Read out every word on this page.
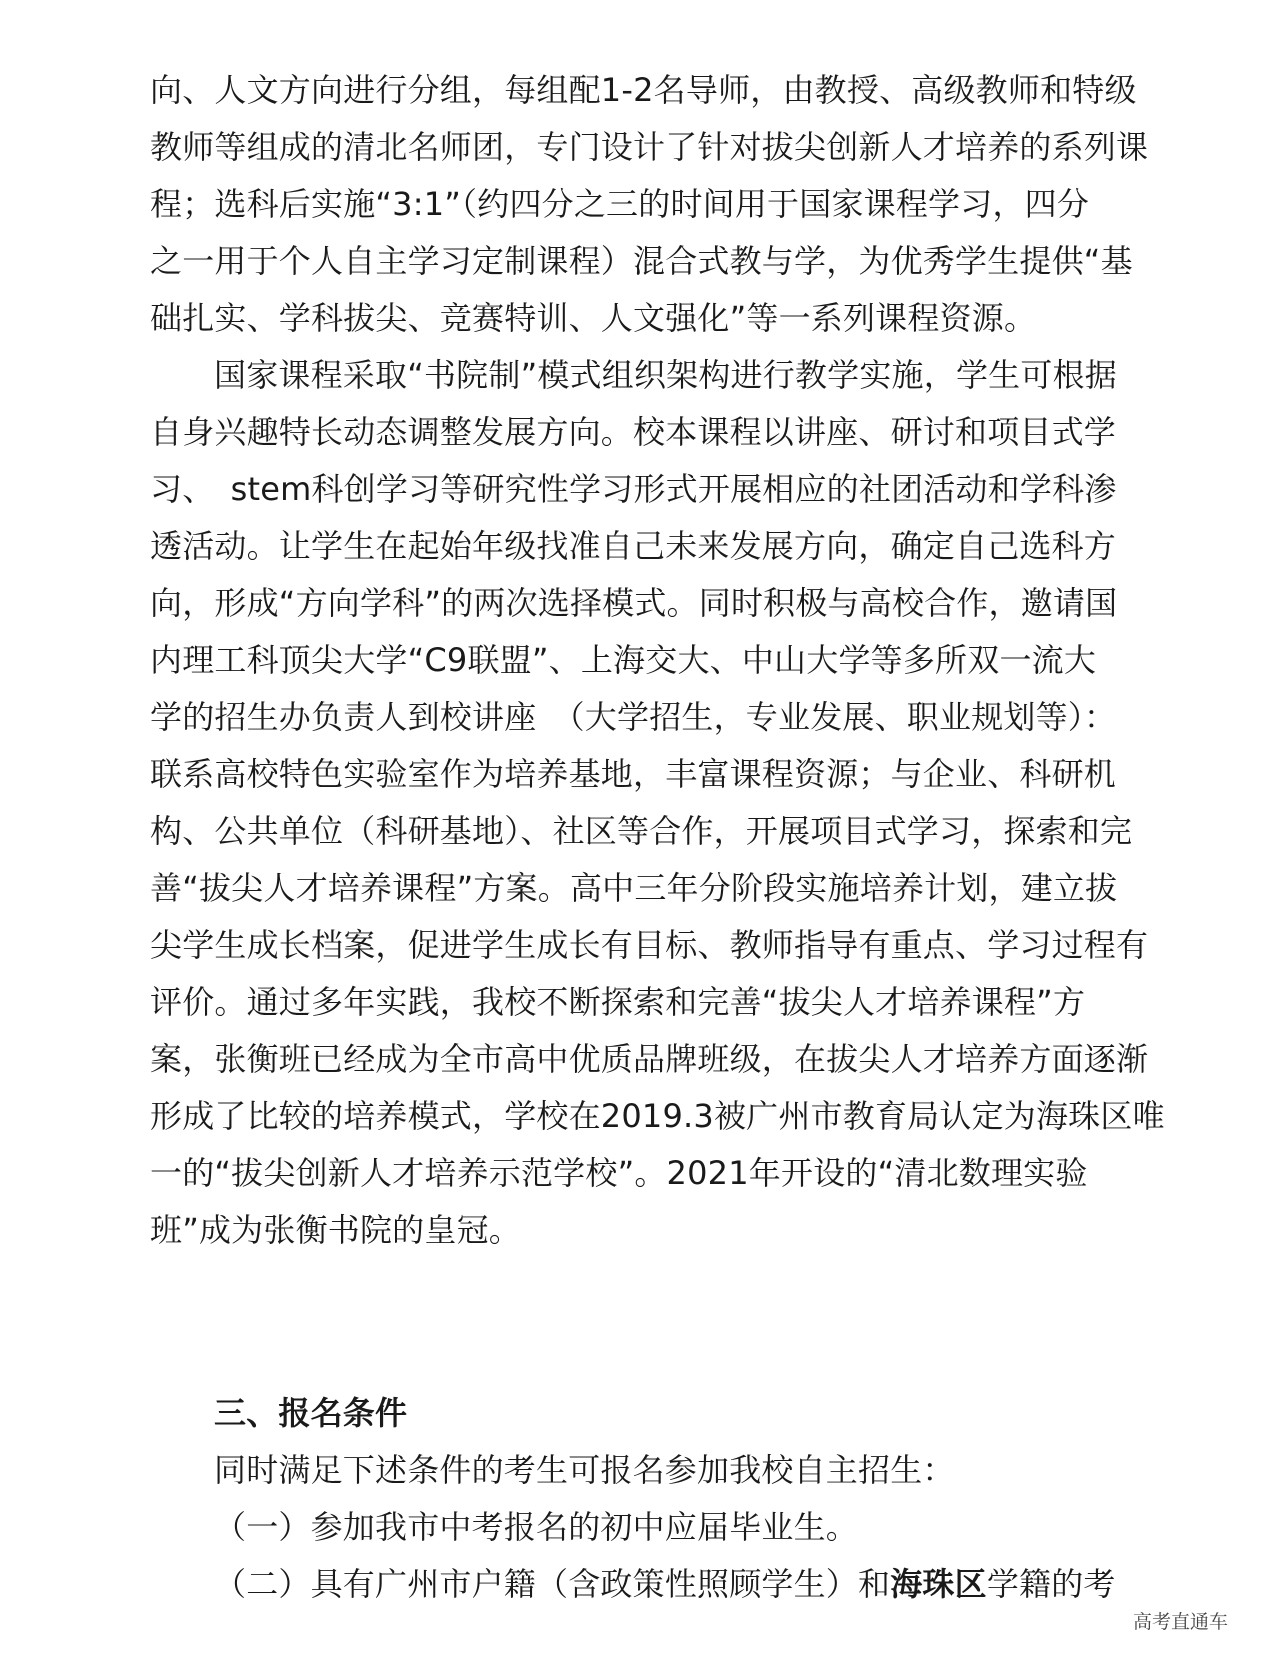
向、人文方向进行分组，每组配1-2名导师，由教授、高级教师和特级
教师等组成的清北名师团，专门设计了针对拔尖创新人才培养的系列课
程；选科后实施“3:1”（约四分之三的时间用于国家课程学习，四分
之一用于个人自主学习定制课程）混合式教与学，为优秀学生提供“基
础扎实、学科拔尖、竞赛特训、人文强化”等一系列课程资源。
国家课程采取“书院制”模式组织架构进行教学实施，学生可根据
自身兴趣特长动态调整发展方向。校本课程以讲座、研讨和项目式学
习、　stem科创学习等研究性学习形式开展相应的社团活动和学科渗
透活动。让学生在起始年级找准自己未来发展方向，确定自己选科方
向，形成“方向学科”的两次选择模式。同时积极与高校合作，邀请国
内理工科顶尖大学“C9联盟”、上海交大、中山大学等多所双一流大
学的招生办负责人到校讲座　（大学招生，专业发展、职业规划等）：
联系高校特色实验室作为培养基地，丰富课程资源；与企业、科研机
构、公共单位（科研基地）、社区等合作，开展项目式学习，探索和完
善“拔尖人才培养课程”方案。高中三年分阶段实施培养计划，建立拔
尖学生成长档案，促进学生成长有目标、教师指导有重点、学习过程有
评价。通过多年实践，我校不断探索和完善“拔尖人才培养课程”方
案，张衡班已经成为全市高中优质品牌班级，在拔尖人才培养方面逐渐
形成了比较的培养模式，学校在2019.3被广州市教育局认定为海珠区唯
一的“拔尖创新人才培养示范学校”。2021年开设的“清北数理实验
班”成为张衡书院的皇冠。
三、报名条件
同时满足下述条件的考生可报名参加我校自主招生：
（一）参加我市中考报名的初中应届毕业生。
（二）具有广州市户籍（含政策性照顾学生）和海珠区学籍的考
高考直通车
